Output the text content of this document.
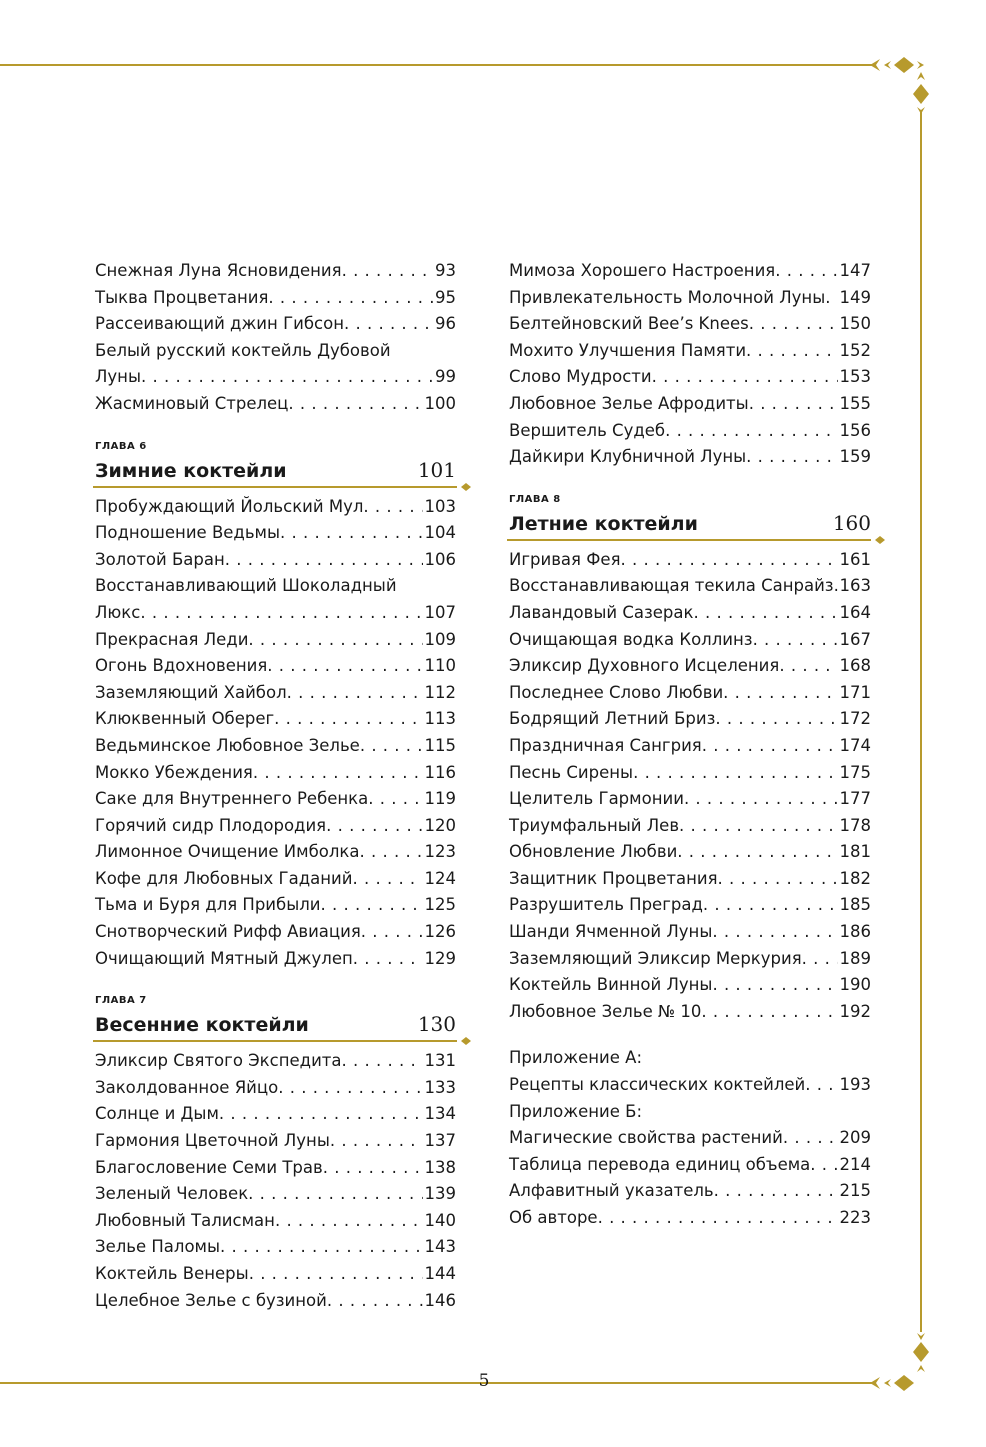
Снежная Луна Ясновидения . . .	93
Тыква Процветания . . .	95
Рассеивающий джин Гибсон . . .	96
Белый русский коктейль Дубовой
Луны . . .	99
Жасминовый Стрелец . . .	100
ГЛАВА 6
Зимние коктейли	101
Пробуждающий Йольский Мул . . .	103
Подношение Ведьмы . . .	104
Золотой Баран . . .	106
Восстанавливающий Шоколадный
Люкс . . .	107
Прекрасная Леди . . .	109
Огонь Вдохновения . . .	110
Заземляющий Хайбол . . .	112
Клюквенный Оберег . . .	113
Ведьминское Любовное Зелье . . .	115
Мокко Убеждения . . .	116
Саке для Внутреннего Ребенка . . .	119
Горячий сидр Плодородия . . .	120
Лимонное Очищение Имболка . . .	123
Кофе для Любовных Гаданий . . .	124
Тьма и Буря для Прибыли . . .	125
Снотворческий Рифф Авиация . . .	126
Очищающий Мятный Джулеп . . .	129
ГЛАВА 7
Весенние коктейли	130
Эликсир Святого Экспедита . . .	131
Заколдованное Яйцо . . .	133
Солнце и Дым . . .	134
Гармония Цветочной Луны . . .	137
Благословение Семи Трав . . .	138
Зеленый Человек . . .	139
Любовный Талисман . . .	140
Зелье Паломы . . .	143
Коктейль Венеры . . .	144
Целебное Зелье с бузиной . . .	146
Мимоза Хорошего Настроения . . .	147
Привлекательность Молочной Луны . . . 149
Белтейновский Bee’s Knees . . .	150
Мохито Улучшения Памяти . . .	152
Слово Мудрости . . .	153
Любовное Зелье Афродиты . . .	155
Вершитель Судеб . . .	156
Дайкири Клубничной Луны . . .	159
ГЛАВА 8
Летние коктейли	160
Игривая Фея . . .	161
Восстанавливающая текила Санрайз . . . 163
Лавандовый Сазерак . . .	164
Очищающая водка Коллинз . . .	167
Эликсир Духовного Исцеления . . .	168
Последнее Слово Любви . . .	171
Бодрящий Летний Бриз . . .	172
Праздничная Сангрия . . .	174
Песнь Сирены . . .	175
Целитель Гармонии . . .	177
Триумфальный Лев . . .	178
Обновление Любви . . .	181
Защитник Процветания . . .	182
Разрушитель Преград . . .	185
Шанди Ячменной Луны . . .	186
Заземляющий Эликсир Меркурия . . . 189
Коктейль Винной Луны . . .	190
Любовное Зелье № 10 . . .	192
Приложение А:
Рецепты классических коктейлей . . . 193
Приложение Б:
Магические свойства растений . . .	209
Таблица перевода единиц объема . . . 214
Алфавитный указатель . . .	215
Об авторе . . .	223
5
